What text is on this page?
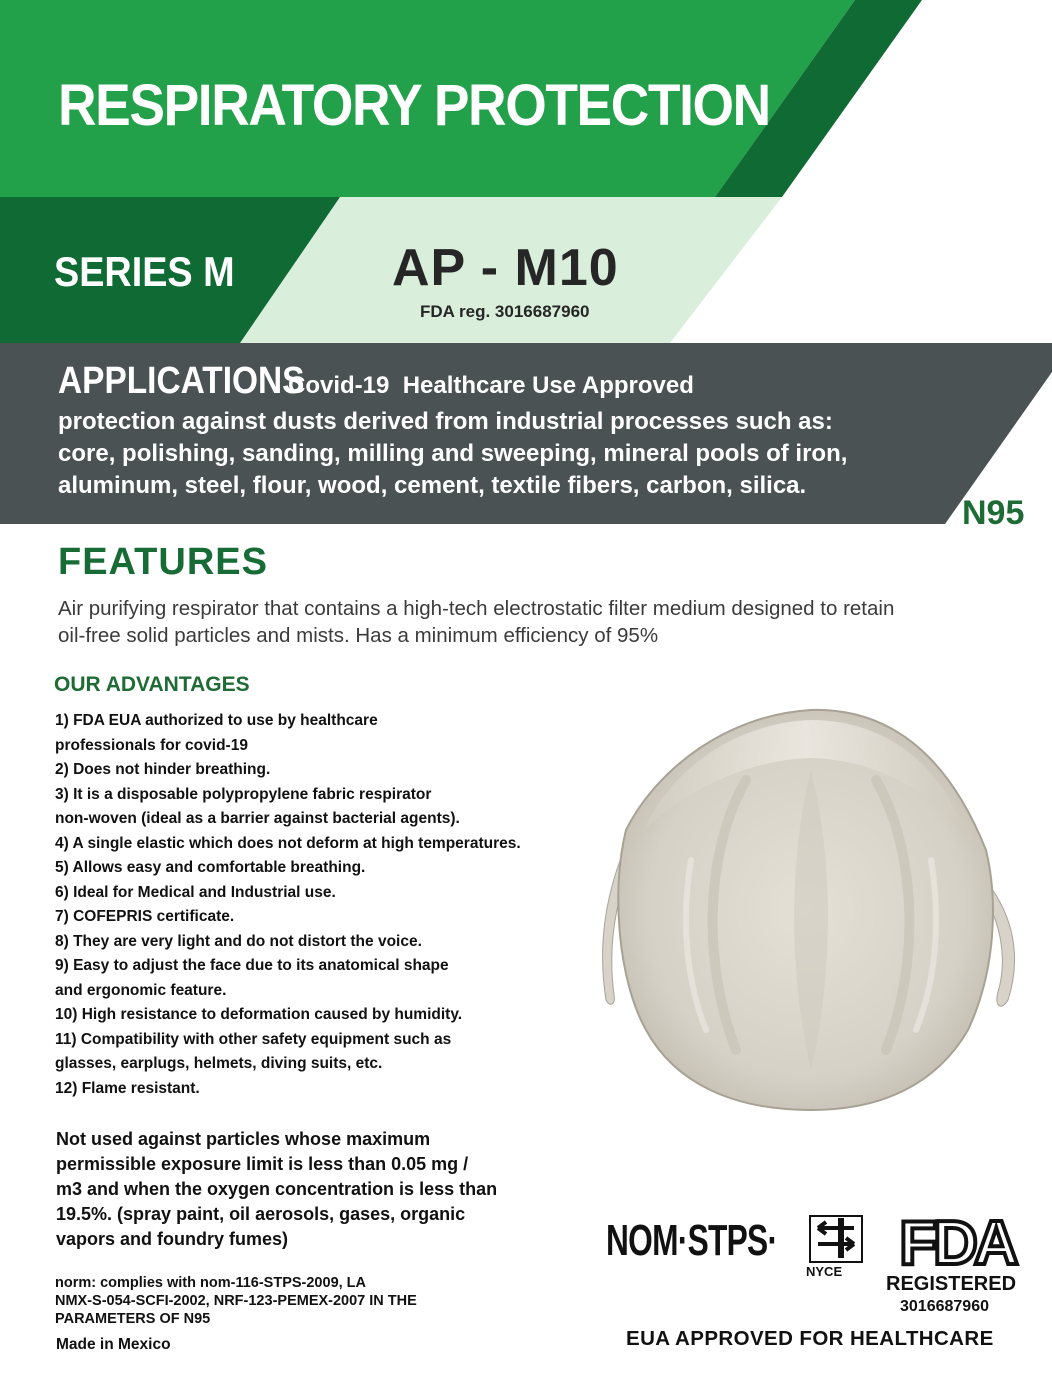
RESPIRATORY PROTECTION
SERIES M	AP - M10
FDA reg. 3016687960
APPLICATIONS
Covid-19  Healthcare Use Approved
protection against dusts derived from industrial processes such as:
core, polishing, sanding, milling and sweeping, mineral pools of iron,
aluminum, steel, flour, wood, cement, textile fibers, carbon, silica.
N95
FEATURES
Air purifying respirator that contains a high-tech electrostatic filter medium designed to retain
oil-free solid particles and mists. Has a minimum efficiency of 95%
OUR ADVANTAGES
1) FDA EUA authorized to use by healthcare
professionals for covid-19
2) Does not hinder breathing.
3) It is a disposable polypropylene fabric respirator
non-woven (ideal as a barrier against bacterial agents).
4) A single elastic which does not deform at high temperatures.
5) Allows easy and comfortable breathing.
6) Ideal for Medical and Industrial use.
7) COFEPRIS certificate.
8) They are very light and do not distort the voice.
9) Easy to adjust the face due to its anatomical shape
and ergonomic feature.
10) High resistance to deformation caused by humidity.
11) Compatibility with other safety equipment such as
glasses, earplugs, helmets, diving suits, etc.
12) Flame resistant.
Not used against particles whose maximum
permissible exposure limit is less than 0.05 mg /
m3 and when the oxygen concentration is less than
19.5%. (spray paint, oil aerosols, gases, organic
vapors and foundry fumes)
norm: complies with nom-116-STPS-2009, LA
NMX-S-054-SCFI-2002, NRF-123-PEMEX-2007 IN THE
PARAMETERS OF N95
Made in Mexico
NOM·STPS·
NYCE FDA
REGISTERED
3016687960
EUA APPROVED FOR HEALTHCARE
